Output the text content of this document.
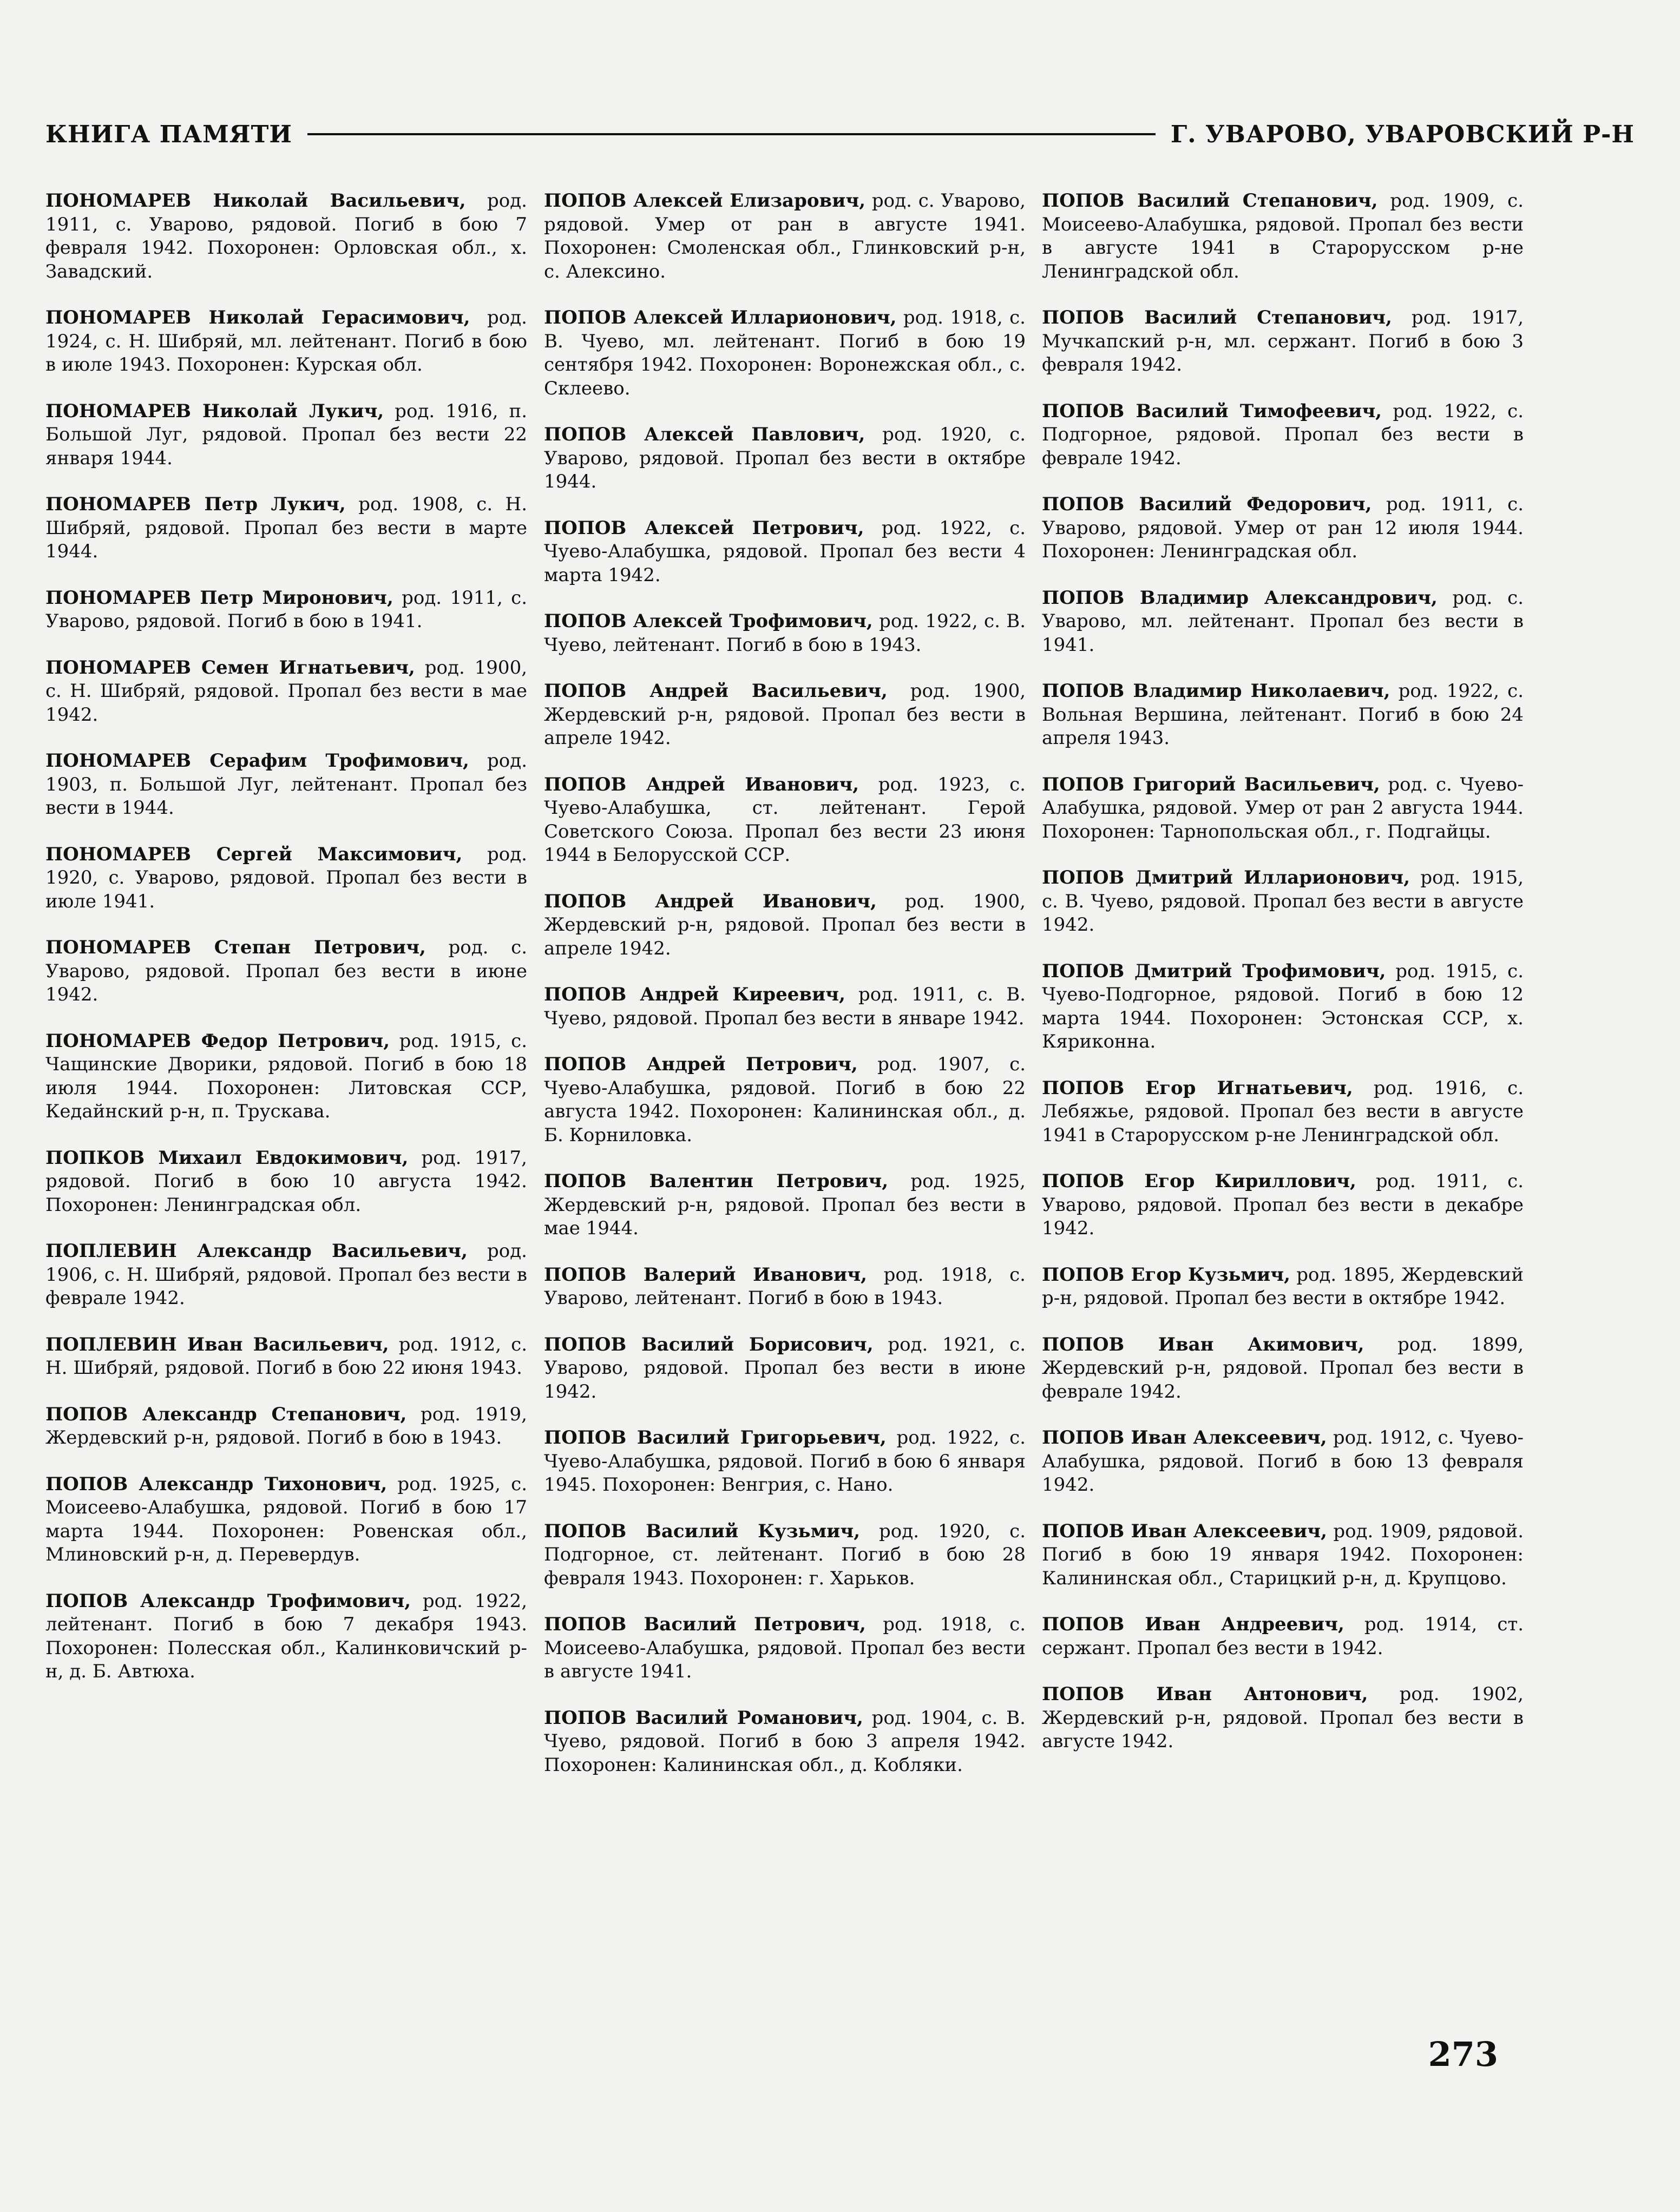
КНИГА ПАМЯТИ	Г. УВАРОВО, УВАРОВСКИЙ Р-Н

ПОНОМАРЕВ Николай Васильевич, род. 1911, с. Уварово, рядовой. Погиб в бою 7 февраля 1942. Похоронен: Орловская обл., х. Завадский.

ПОНОМАРЕВ Николай Герасимович, род. 1924, с. Н. Шибряй, мл. лейтенант. Погиб в бою в июле 1943. Похоронен: Курская обл.

ПОНОМАРЕВ Николай Лукич, род. 1916, п. Большой Луг, рядовой. Пропал без вести 22 января 1944.

ПОНОМАРЕВ Петр Лукич, род. 1908, с. Н. Шибряй, рядовой. Пропал без вести в марте 1944.

ПОНОМАРЕВ Петр Миронович, род. 1911, с. Уварово, рядовой. Погиб в бою в 1941.

ПОНОМАРЕВ Семен Игнатьевич, род. 1900, с. Н. Шибряй, рядовой. Пропал без вести в мае 1942.

ПОНОМАРЕВ Серафим Трофимович, род. 1903, п. Большой Луг, лейтенант. Пропал без вести в 1944.

ПОНОМАРЕВ Сергей Максимович, род. 1920, с. Уварово, рядовой. Пропал без вести в июле 1941.

ПОНОМАРЕВ Степан Петрович, род. с. Уварово, рядовой. Пропал без вести в июне 1942.

ПОНОМАРЕВ Федор Петрович, род. 1915, с. Чащинские Дворики, рядовой. Погиб в бою 18 июля 1944. Похоронен: Литовская ССР, Кедайнский р-н, п. Трускава.

ПОПКОВ Михаил Евдокимович, род. 1917, рядовой. Погиб в бою 10 августа 1942. Похоронен: Ленинградская обл.

ПОПЛЕВИН Александр Васильевич, род. 1906, с. Н. Шибряй, рядовой. Пропал без вести в феврале 1942.

ПОПЛЕВИН Иван Васильевич, род. 1912, с. Н. Шибряй, рядовой. Погиб в бою 22 июня 1943.

ПОПОВ Александр Степанович, род. 1919, Жердевский р-н, рядовой. Погиб в бою в 1943.

ПОПОВ Александр Тихонович, род. 1925, с. Моисеево-Алабушка, рядовой. Погиб в бою 17 марта 1944. Похоронен: Ровенская обл., Млиновский р-н, д. Перевердув.

ПОПОВ Александр Трофимович, род. 1922, лейтенант. Погиб в бою 7 декабря 1943. Похоронен: Полесская обл., Калинковичский р-н, д. Б. Автюха.

ПОПОВ Алексей Елизарович, род. с. Уварово, рядовой. Умер от ран в августе 1941. Похоронен: Смоленская обл., Глинковский р-н, с. Алексино.

ПОПОВ Алексей Илларионович, род. 1918, с. В. Чуево, мл. лейтенант. Погиб в бою 19 сентября 1942. Похоронен: Воронежская обл., с. Склеево.

ПОПОВ Алексей Павлович, род. 1920, с. Уварово, рядовой. Пропал без вести в октябре 1944.

ПОПОВ Алексей Петрович, род. 1922, с. Чуево-Алабушка, рядовой. Пропал без вести 4 марта 1942.

ПОПОВ Алексей Трофимович, род. 1922, с. В. Чуево, лейтенант. Погиб в бою в 1943.

ПОПОВ Андрей Васильевич, род. 1900, Жердевский р-н, рядовой. Пропал без вести в апреле 1942.

ПОПОВ Андрей Иванович, род. 1923, с. Чуево-Алабушка, ст. лейтенант. Герой Советского Союза. Пропал без вести 23 июня 1944 в Белорусской ССР.

ПОПОВ Андрей Иванович, род. 1900, Жердевский р-н, рядовой. Пропал без вести в апреле 1942.

ПОПОВ Андрей Киреевич, род. 1911, с. В. Чуево, рядовой. Пропал без вести в январе 1942.

ПОПОВ Андрей Петрович, род. 1907, с. Чуево-Алабушка, рядовой. Погиб в бою 22 августа 1942. Похоронен: Калининская обл., д. Б. Корниловка.

ПОПОВ Валентин Петрович, род. 1925, Жердевский р-н, рядовой. Пропал без вести в мае 1944.

ПОПОВ Валерий Иванович, род. 1918, с. Уварово, лейтенант. Погиб в бою в 1943.

ПОПОВ Василий Борисович, род. 1921, с. Уварово, рядовой. Пропал без вести в июне 1942.

ПОПОВ Василий Григорьевич, род. 1922, с. Чуево-Алабушка, рядовой. Погиб в бою 6 января 1945. Похоронен: Венгрия, с. Нано.

ПОПОВ Василий Кузьмич, род. 1920, с. Подгорное, ст. лейтенант. Погиб в бою 28 февраля 1943. Похоронен: г. Харьков.

ПОПОВ Василий Петрович, род. 1918, с. Моисеево-Алабушка, рядовой. Пропал без вести в августе 1941.

ПОПОВ Василий Романович, род. 1904, с. В. Чуево, рядовой. Погиб в бою 3 апреля 1942. Похоронен: Калининская обл., д. Кобляки.

ПОПОВ Василий Степанович, род. 1909, с. Моисеево-Алабушка, рядовой. Пропал без вести в августе 1941 в Старорусском р-не Ленинградской обл.

ПОПОВ Василий Степанович, род. 1917, Мучкапский р-н, мл. сержант. Погиб в бою 3 февраля 1942.

ПОПОВ Василий Тимофеевич, род. 1922, с. Подгорное, рядовой. Пропал без вести в феврале 1942.

ПОПОВ Василий Федорович, род. 1911, с. Уварово, рядовой. Умер от ран 12 июля 1944. Похоронен: Ленинградская обл.

ПОПОВ Владимир Александрович, род. с. Уварово, мл. лейтенант. Пропал без вести в 1941.

ПОПОВ Владимир Николаевич, род. 1922, с. Вольная Вершина, лейтенант. Погиб в бою 24 апреля 1943.

ПОПОВ Григорий Васильевич, род. с. Чуево-Алабушка, рядовой. Умер от ран 2 августа 1944. Похоронен: Тарнопольская обл., г. Подгайцы.

ПОПОВ Дмитрий Илларионович, род. 1915, с. В. Чуево, рядовой. Пропал без вести в августе 1942.

ПОПОВ Дмитрий Трофимович, род. 1915, с. Чуево-Подгорное, рядовой. Погиб в бою 12 марта 1944. Похоронен: Эстонская ССР, х. Кяриконна.

ПОПОВ Егор Игнатьевич, род. 1916, с. Лебяжье, рядовой. Пропал без вести в августе 1941 в Старорусском р-не Ленинградской обл.

ПОПОВ Егор Кириллович, род. 1911, с. Уварово, рядовой. Пропал без вести в декабре 1942.

ПОПОВ Егор Кузьмич, род. 1895, Жердевский р-н, рядовой. Пропал без вести в октябре 1942.

ПОПОВ Иван Акимович, род. 1899, Жердевский р-н, рядовой. Пропал без вести в феврале 1942.

ПОПОВ Иван Алексеевич, род. 1912, с. Чуево-Алабушка, рядовой. Погиб в бою 13 февраля 1942.

ПОПОВ Иван Алексеевич, род. 1909, рядовой. Погиб в бою 19 января 1942. Похоронен: Калининская обл., Старицкий р-н, д. Крупцово.

ПОПОВ Иван Андреевич, род. 1914, ст. сержант. Пропал без вести в 1942.

ПОПОВ Иван Антонович, род. 1902, Жердевский р-н, рядовой. Пропал без вести в августе 1942.

273
